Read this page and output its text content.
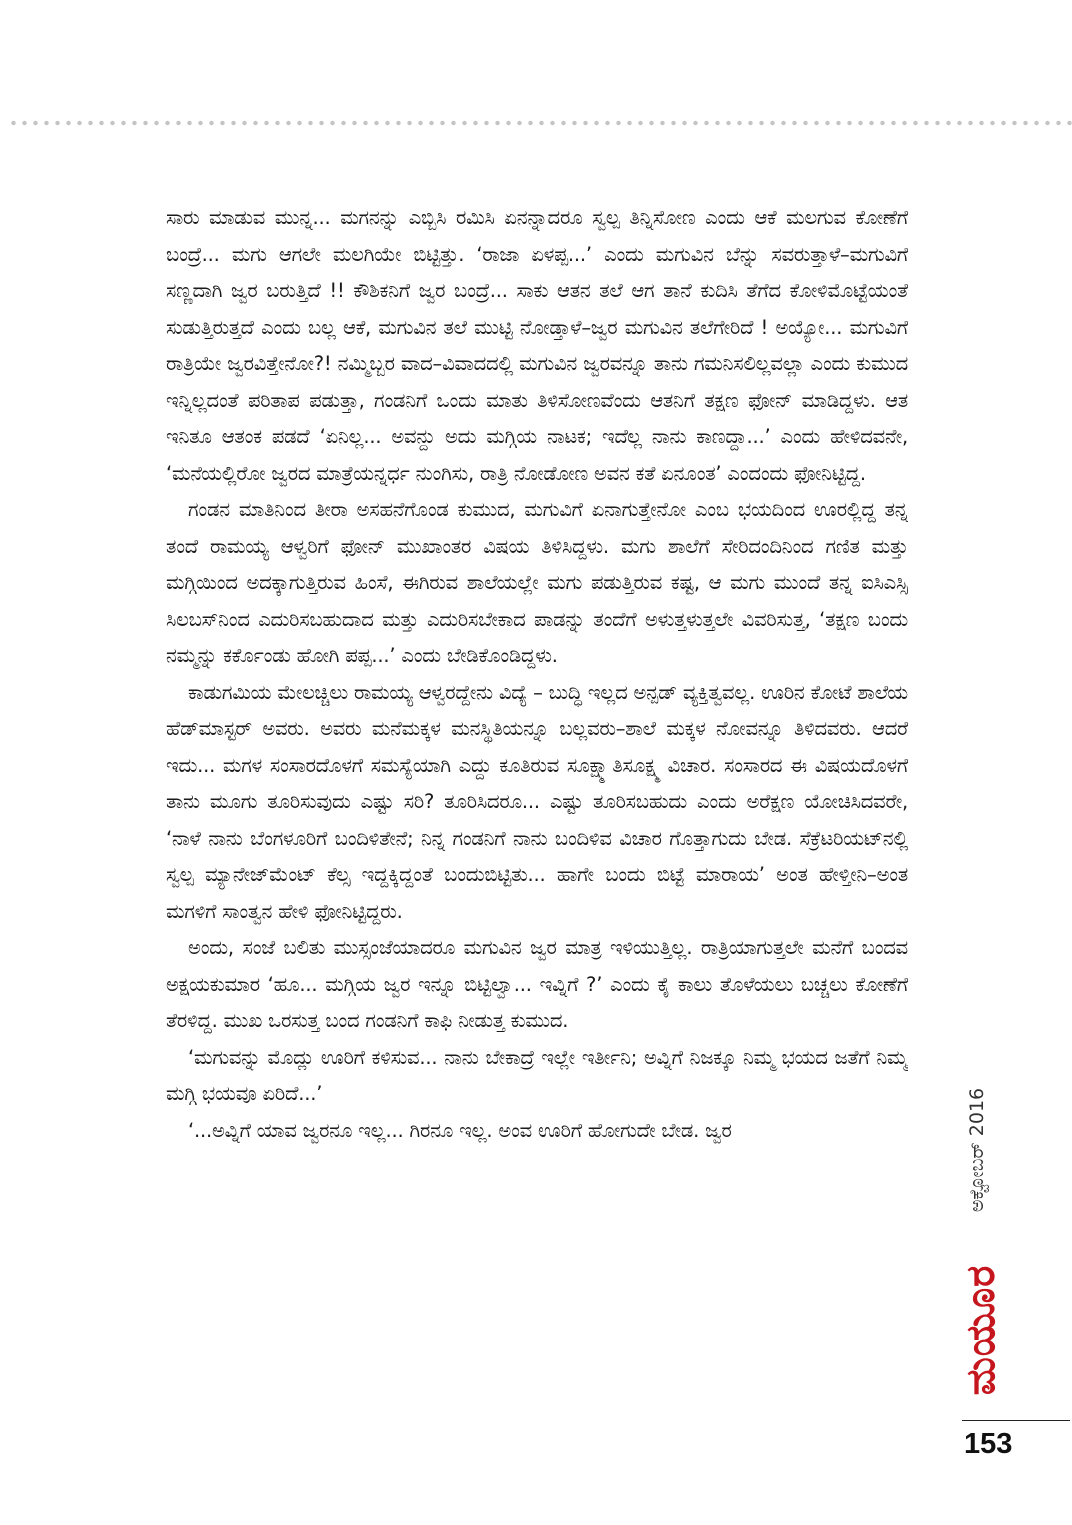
ಸಾರು ಮಾಡುವ ಮುನ್ನ... ಮಗನನ್ನು ಎಬ್ಬಿಸಿ ರಮಿಸಿ ಏನನ್ನಾದರೂ ಸ್ವಲ್ಪ ತಿನ್ನಿಸೋಣ ಎಂದು ಆಕೆ ಮಲಗುವ ಕೋಣೆಗೆ ಬಂದ್ರೆ... ಮಗು ಆಗಲೇ ಮಲಗಿಯೇ ಬಿಟ್ಟಿತ್ತು. ‘ರಾಜಾ ಏಳಪ್ಪ...’ ಎಂದು ಮಗುವಿನ ಬೆನ್ನು ಸವರುತ್ತಾಳೆ–ಮಗುವಿಗೆ ಸಣ್ಣದಾಗಿ ಜ್ವರ ಬರುತ್ತಿದೆ !! ಕೌಶಿಕನಿಗೆ ಜ್ವರ ಬಂದ್ರೆ... ಸಾಕು ಆತನ ತಲೆ ಆಗ ತಾನೆ ಕುದಿಸಿ ತೆಗೆದ ಕೋಳಿಮೊಟ್ಟೆಯಂತೆ ಸುಡುತ್ತಿರುತ್ತದೆ ಎಂದು ಬಲ್ಲ ಆಕೆ, ಮಗುವಿನ ತಲೆ ಮುಟ್ಟಿ ನೋಡ್ತಾಳೆ–ಜ್ವರ ಮಗುವಿನ ತಲೆಗೇರಿದೆ ! ಅಯ್ಯೋ... ಮಗುವಿಗೆ ರಾತ್ರಿಯೇ ಜ್ವರವಿತ್ತೇನೋ?! ನಮ್ಮಿಬ್ಬರ ವಾದ–ವಿವಾದದಲ್ಲಿ ಮಗುವಿನ ಜ್ವರವನ್ನೂ ತಾನು ಗಮನಿಸಲಿಲ್ಲವಲ್ಲಾ ಎಂದು ಕುಮುದ ಇನ್ನಿಲ್ಲದಂತೆ ಪರಿತಾಪ ಪಡುತ್ತಾ, ಗಂಡನಿಗೆ ಒಂದು ಮಾತು ತಿಳಿಸೋಣವೆಂದು ಆತನಿಗೆ ತಕ್ಷಣ ಫೋನ್ ಮಾಡಿದ್ದಳು. ಆತ ಇನಿತೂ ಆತಂಕ ಪಡದೆ ‘ಏನಿಲ್ಲ... ಅವನ್ದು ಅದು ಮಗ್ಗಿಯ ನಾಟಕ; ಇದೆಲ್ಲ ನಾನು ಕಾಣದ್ದಾ...’ ಎಂದು ಹೇಳಿದವನೇ, ‘ಮನೆಯಲ್ಲಿರೋ ಜ್ವರದ ಮಾತ್ರೆಯನ್ನರ್ಧ ನುಂಗಿಸು, ರಾತ್ರಿ ನೋಡೋಣ ಅವನ ಕತೆ ಏನೂಂತ’ ಎಂದಂದು ಫೋನಿಟ್ಟಿದ್ದ.

ಗಂಡನ ಮಾತಿನಿಂದ ತೀರಾ ಅಸಹನೆಗೊಂಡ ಕುಮುದ, ಮಗುವಿಗೆ ಏನಾಗುತ್ತೇನೋ ಎಂಬ ಭಯದಿಂದ ಊರಲ್ಲಿದ್ದ ತನ್ನ ತಂದೆ ರಾಮಯ್ಯ ಆಳ್ವರಿಗೆ ಫೋನ್ ಮುಖಾಂತರ ವಿಷಯ ತಿಳಿಸಿದ್ದಳು. ಮಗು ಶಾಲೆಗೆ ಸೇರಿದಂದಿನಿಂದ ಗಣಿತ ಮತ್ತು ಮಗ್ಗಿಯಿಂದ ಅದಕ್ಕಾಗುತ್ತಿರುವ ಹಿಂಸೆ, ಈಗಿರುವ ಶಾಲೆಯಲ್ಲೇ ಮಗು ಪಡುತ್ತಿರುವ ಕಷ್ಟ, ಆ ಮಗು ಮುಂದೆ ತನ್ನ ಐಸಿಎಸ್ಸಿ ಸಿಲಬಸ್‌ನಿಂದ ಎದುರಿಸಬಹುದಾದ ಮತ್ತು ಎದುರಿಸಬೇಕಾದ ಪಾಡನ್ನು ತಂದೆಗೆ ಅಳುತ್ತಳುತ್ತಲೇ ವಿವರಿಸುತ್ತ, ‘ತಕ್ಷಣ ಬಂದು ನಮ್ಮನ್ನು ಕರ್ಕೊಂಡು ಹೋಗಿ ಪಪ್ಪ...’ ಎಂದು ಬೇಡಿಕೊಂಡಿದ್ದಳು.

ಕಾಡುಗಮಿಯ ಮೇಲಚ್ಚಿಲು ರಾಮಯ್ಯ ಆಳ್ವರದ್ದೇನು ವಿದ್ಯೆ – ಬುದ್ಧಿ ಇಲ್ಲದ ಅನ್ಪಡ್ ವ್ಯಕ್ತಿತ್ವವಲ್ಲ. ಊರಿನ ಕೋಟೆ ಶಾಲೆಯ ಹೆಡ್‌ಮಾಸ್ಟರ್ ಅವರು. ಅವರು ಮನೆಮಕ್ಕಳ ಮನಸ್ಥಿತಿಯನ್ನೂ ಬಲ್ಲವರು–ಶಾಲೆ ಮಕ್ಕಳ ನೋವನ್ನೂ ತಿಳಿದವರು. ಆದರೆ ಇದು... ಮಗಳ ಸಂಸಾರದೊಳಗೆ ಸಮಸ್ಯೆಯಾಗಿ ಎದ್ದು ಕೂತಿರುವ ಸೂಕ್ಷ್ಮಾತಿಸೂಕ್ಷ್ಮ ವಿಚಾರ. ಸಂಸಾರದ ಈ ವಿಷಯದೊಳಗೆ ತಾನು ಮೂಗು ತೂರಿಸುವುದು ಎಷ್ಟು ಸರಿ? ತೂರಿಸಿದರೂ... ಎಷ್ಟು ತೂರಿಸಬಹುದು ಎಂದು ಅರೆಕ್ಷಣ ಯೋಚಿಸಿದವರೇ, ‘ನಾಳೆ ನಾನು ಬೆಂಗಳೂರಿಗೆ ಬಂದಿಳಿತೇನೆ; ನಿನ್ನ ಗಂಡನಿಗೆ ನಾನು ಬಂದಿಳಿವ ವಿಚಾರ ಗೊತ್ತಾಗುದು ಬೇಡ. ಸೆಕ್ರೆಟರಿಯಟ್‌ನಲ್ಲಿ ಸ್ವಲ್ಪ ಮ್ಯಾನೇಜ್‌ಮೆಂಟ್ ಕೆಲ್ಸ ಇದ್ದಕ್ಕಿದ್ದಂತೆ ಬಂದುಬಿಟ್ಟಿತು... ಹಾಗೇ ಬಂದು ಬಿಟ್ಟೆ ಮಾರಾಯ’ ಅಂತ ಹೇಳ್ತೀನಿ–ಅಂತ ಮಗಳಿಗೆ ಸಾಂತ್ವನ ಹೇಳಿ ಫೋನಿಟ್ಟಿದ್ದರು.

ಅಂದು, ಸಂಜೆ ಬಲಿತು ಮುಸ್ಸಂಜೆಯಾದರೂ ಮಗುವಿನ ಜ್ವರ ಮಾತ್ರ ಇಳಿಯುತ್ತಿಲ್ಲ. ರಾತ್ರಿಯಾಗುತ್ತಲೇ ಮನೆಗೆ ಬಂದವ ಅಕ್ಷಯಕುಮಾರ ‘ಹೂ... ಮಗ್ಗಿಯ ಜ್ವರ ಇನ್ನೂ ಬಿಟ್ಟಿಲ್ವಾ... ಇವ್ನಿಗೆ ?’ ಎಂದು ಕೈ ಕಾಲು ತೊಳೆಯಲು ಬಚ್ಚಲು ಕೋಣೆಗೆ ತೆರಳಿದ್ದ. ಮುಖ ಒರಸುತ್ತ ಬಂದ ಗಂಡನಿಗೆ ಕಾಫಿ ನೀಡುತ್ತ ಕುಮುದ.

‘ಮಗುವನ್ನು ಮೊದ್ಲು ಊರಿಗೆ ಕಳಿಸುವ... ನಾನು ಬೇಕಾದ್ರೆ ಇಲ್ಲೇ ಇರ್ತೀನಿ; ಅವ್ನಿಗೆ ನಿಜಕ್ಕೂ ನಿಮ್ಮ ಭಯದ ಜತೆಗೆ ನಿಮ್ಮ ಮಗ್ಗಿ ಭಯವೂ ಏರಿದೆ...’

‘...ಅವ್ನಿಗೆ ಯಾವ ಜ್ವರನೂ ಇಲ್ಲ... ಗಿರನೂ ಇಲ್ಲ. ಅಂವ ಊರಿಗೆ ಹೋಗುದೇ ಬೇಡ. ಜ್ವರ	ಅಕ್ಟೋಬರ್ 2016
ಮಯೂರ
153
